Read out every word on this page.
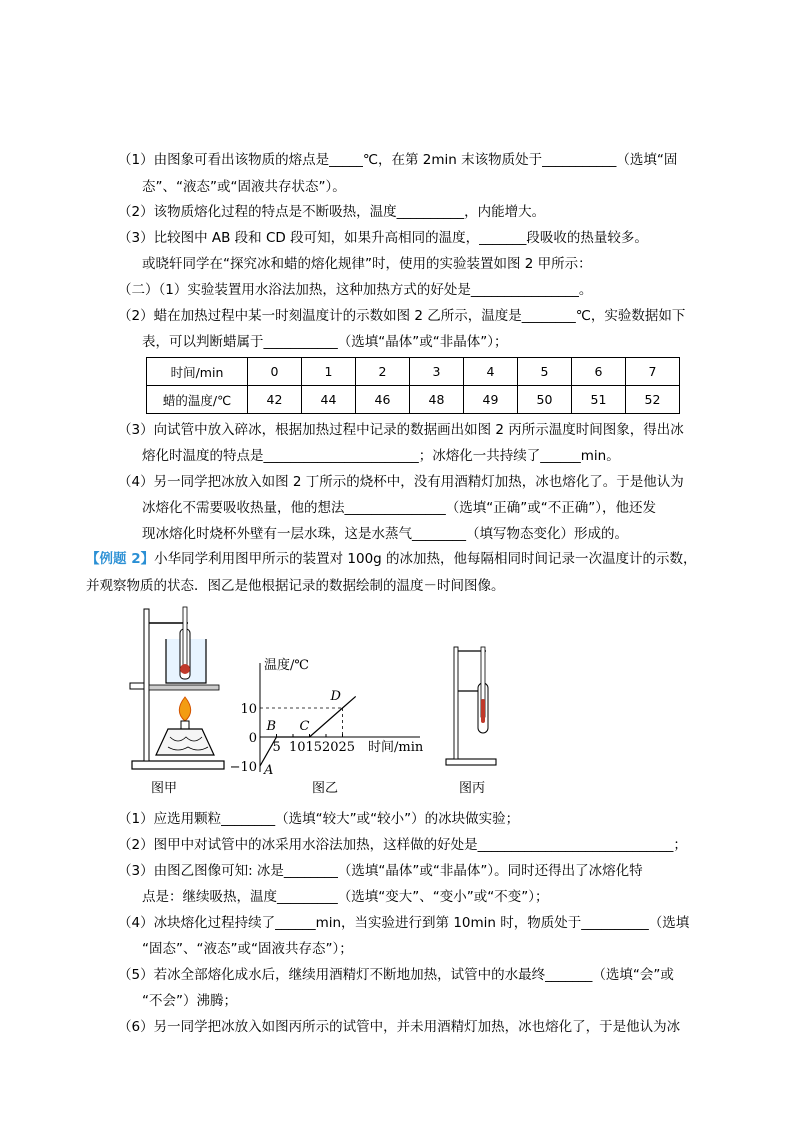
（1）由图象可看出该物质的熔点是_____℃，在第 2min 末该物质处于___________（选填“固
态”、“液态”或“固液共存状态”）。
（2）该物质熔化过程的特点是不断吸热，温度__________，内能增大。
（3）比较图中 AB 段和 CD 段可知，如果升高相同的温度，_______段吸收的热量较多。
或晓轩同学在“探究冰和蜡的熔化规律”时，使用的实验装置如图 2 甲所示：
（二）（1）实验装置用水浴法加热，这种加热方式的好处是________________。
（2）蜡在加热过程中某一时刻温度计的示数如图 2 乙所示，温度是________℃，实验数据如下
表，可以判断蜡属于___________（选填“晶体”或“非晶体”）；
时间/min	0	1	2	3	4	5	6	7
蜡的温度/℃	42	44	46	48	49	50	51	52
（3）向试管中放入碎冰，根据加热过程中记录的数据画出如图 2 丙所示温度时间图象，得出冰
熔化时温度的特点是_______________________；冰熔化一共持续了______min。
（4）另一同学把冰放入如图 2 丁所示的烧杯中，没有用酒精灯加热，冰也熔化了。于是他认为
冰熔化不需要吸收热量，他的想法_______________（选填“正确”或“不正确”），他还发
现冰熔化时烧杯外壁有一层水珠，这是水蒸气________（填写物态变化）形成的。
【例题 2】小华同学利用图甲所示的装置对 100g 的冰加热，他每隔相同时间记录一次温度计的示数，
并观察物质的状态．图乙是他根据记录的数据绘制的温度－时间图像。
温度/℃
时间/min
5 10 15 20 25
10
0
−10 A
B C
D
图甲	图乙	图丙
（1）应选用颗粒________（选填“较大”或“较小”）的冰块做实验；
（2）图甲中对试管中的冰采用水浴法加热，这样做的好处是_____________________________；
（3）由图乙图像可知: 冰是________（选填“晶体”或“非晶体”）。同时还得出了冰熔化特
点是：继续吸热，温度_________（选填“变大”、“变小”或“不变”）；
（4）冰块熔化过程持续了______min，当实验进行到第 10min 时，物质处于__________（选填
“固态”、“液态”或“固液共存态”）；
（5）若冰全部熔化成水后，继续用酒精灯不断地加热，试管中的水最终_______（选填“会”或
“不会”）沸腾；
（6）另一同学把冰放入如图丙所示的试管中，并未用酒精灯加热，冰也熔化了，于是他认为冰
